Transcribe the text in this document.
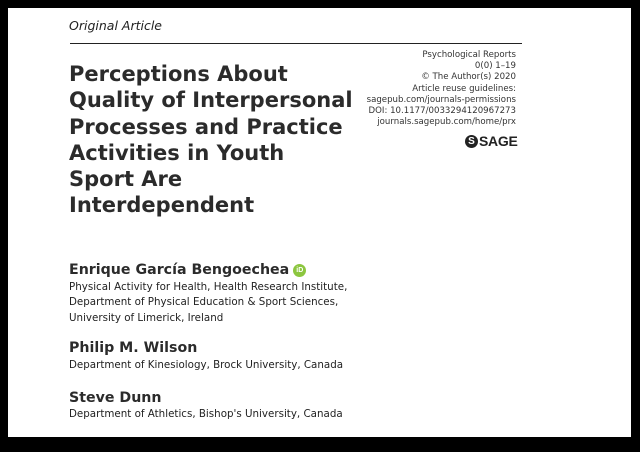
Original Article
Perceptions About
Quality of Interpersonal
Processes and Practice
Activities in Youth
Sport Are
Interdependent
Psychological Reports
0(0) 1–19
© The Author(s) 2020
Article reuse guidelines:
sagepub.com/journals-permissions
DOI: 10.1177/0033294120967273
journals.sagepub.com/home/prx
S SAGE
Enrique García Bengoechea	iD
Physical Activity for Health, Health Research Institute,
Department of Physical Education & Sport Sciences,
University of Limerick, Ireland
Philip M. Wilson
Department of Kinesiology, Brock University, Canada
Steve Dunn
Department of Athletics, Bishop's University, Canada
